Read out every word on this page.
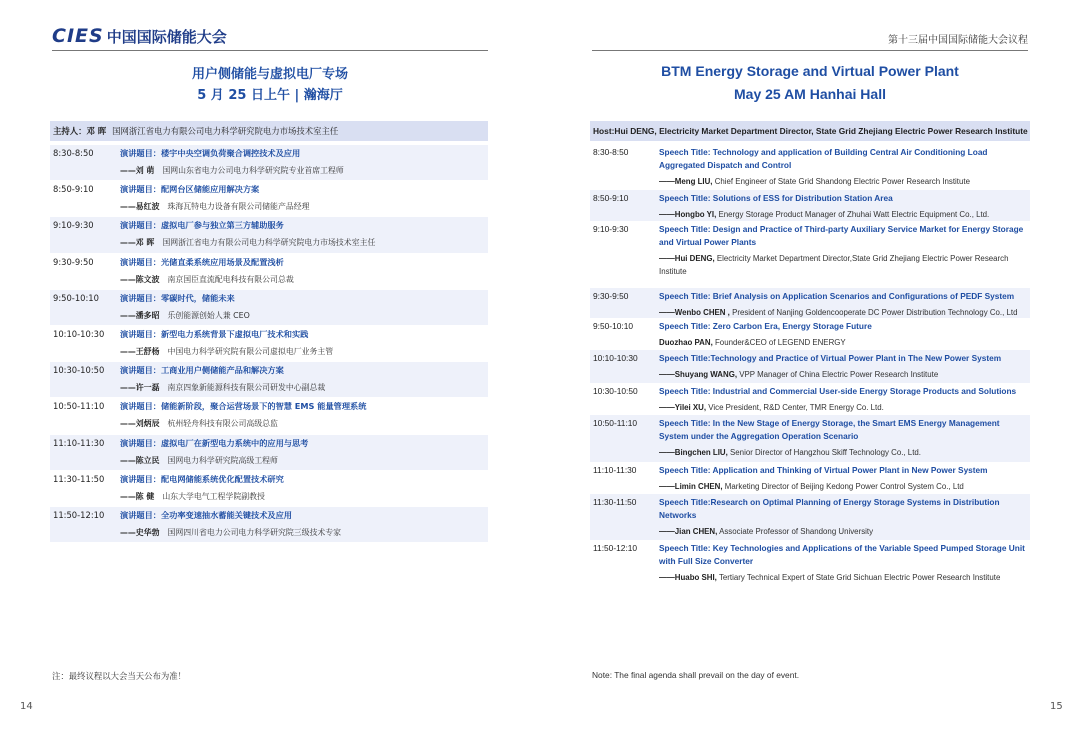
CIES 中国国际储能大会	第十三届中国国际储能大会议程
用户侧储能与虚拟电厂专场
5 月 25 日上午 | 瀚海厅
BTM Energy Storage and Virtual Power Plant
May 25 AM Hanhai Hall
主持人：邓 晖 国网浙江省电力有限公司电力科学研究院电力市场技术室主任	Host:Hui DENG, Electricity Market Department Director, State Grid Zhejiang Electric Power Research Institute
8:30-8:50	演讲题目：楼宇中央空调负荷聚合调控技术及应用
——刘 萌 国网山东省电力公司电力科学研究院专业首席工程师
8:50-9:10	演讲题目：配网台区储能应用解决方案
——易红波 珠海瓦特电力设备有限公司储能产品经理
9:10-9:30	演讲题目：虚拟电厂参与独立第三方辅助服务
——邓 晖 国网浙江省电力有限公司电力科学研究院电力市场技术室主任
9:30-9:50	演讲题目：光储直柔系统应用场景及配置浅析
——陈文波 南京国臣直流配电科技有限公司总裁
9:50-10:10	演讲题目：零碳时代，储能未来
——潘多昭 乐创能源创始人兼 CEO
10:10-10:30 演讲题目：新型电力系统背景下虚拟电厂技术和实践
——王舒杨 中国电力科学研究院有限公司虚拟电厂业务主管
10:30-10:50 演讲题目：工商业用户侧储能产品和解决方案
——许一磊 南京四象新能源科技有限公司研发中心副总裁
10:50-11:10 演讲题目：储能新阶段，聚合运营场景下的智慧 EMS 能量管理系统
——刘炳辰 杭州轻舟科技有限公司高级总监
11:10-11:30 演讲题目：虚拟电厂在新型电力系统中的应用与思考
——陈立民 国网电力科学研究院高级工程师
11:30-11:50 演讲题目：配电网储能系统优化配置技术研究
——陈 健 山东大学电气工程学院副教授
11:50-12:10 演讲题目：全功率变速抽水蓄能关键技术及应用
——史华勃 国网四川省电力公司电力科学研究院三级技术专家
8:30-8:50	Speech Title: Technology and application of Building Central Air Conditioning Load Aggregated Dispatch and Control
——Meng LIU, Chief Engineer of State Grid Shandong Electric Power Research Institute
8:50-9:10	Speech Title: Solutions of ESS for Distribution Station Area
——Hongbo YI, Energy Storage Product Manager of Zhuhai Watt Electric Equipment Co., Ltd.
9:10-9:30	Speech Title: Design and Practice of Third-party Auxiliary Service Market for Energy Storage and Virtual Power Plants
——Hui DENG, Electricity Market Department Director,State Grid Zhejiang Electric Power Research Institute
9:30-9:50	Speech Title: Brief Analysis on Application Scenarios and Configurations of PEDF System
——Wenbo CHEN , President of Nanjing Goldencooperate DC Power Distribution Technology Co., Ltd
9:50-10:10	Speech Title: Zero Carbon Era, Energy Storage Future
Duozhao PAN, Founder&CEO of LEGEND ENERGY
10:10-10:30	Speech Title:Technology and Practice of Virtual Power Plant in The New Power System
——Shuyang WANG, VPP Manager of China Electric Power Research Institute
10:30-10:50	Speech Title: Industrial and Commercial User-side Energy Storage Products and Solutions
——Yilei XU, Vice President, R&D Center, TMR Energy Co. Ltd.
10:50-11:10	Speech Title: In the New Stage of Energy Storage, the Smart EMS Energy Management System under the Aggregation Operation Scenario
——Bingchen LIU, Senior Director of Hangzhou Skiff Technology Co., Ltd.
11:10-11:30	Speech Title: Application and Thinking of Virtual Power Plant in New Power System
——Limin CHEN, Marketing Director of Beijing Kedong Power Control System Co., Ltd
11:30-11:50	Speech Title:Research on Optimal Planning of Energy Storage Systems in Distribution Networks
——Jian CHEN, Associate Professor of Shandong University
11:50-12:10	Speech Title: Key Technologies and Applications of the Variable Speed Pumped Storage Unit with Full Size Converter
——Huabo SHI, Tertiary Technical Expert of State Grid Sichuan Electric Power Research Institute
注：最终议程以大会当天公布为准！	Note: The final agenda shall prevail on the day of event.
14	15
